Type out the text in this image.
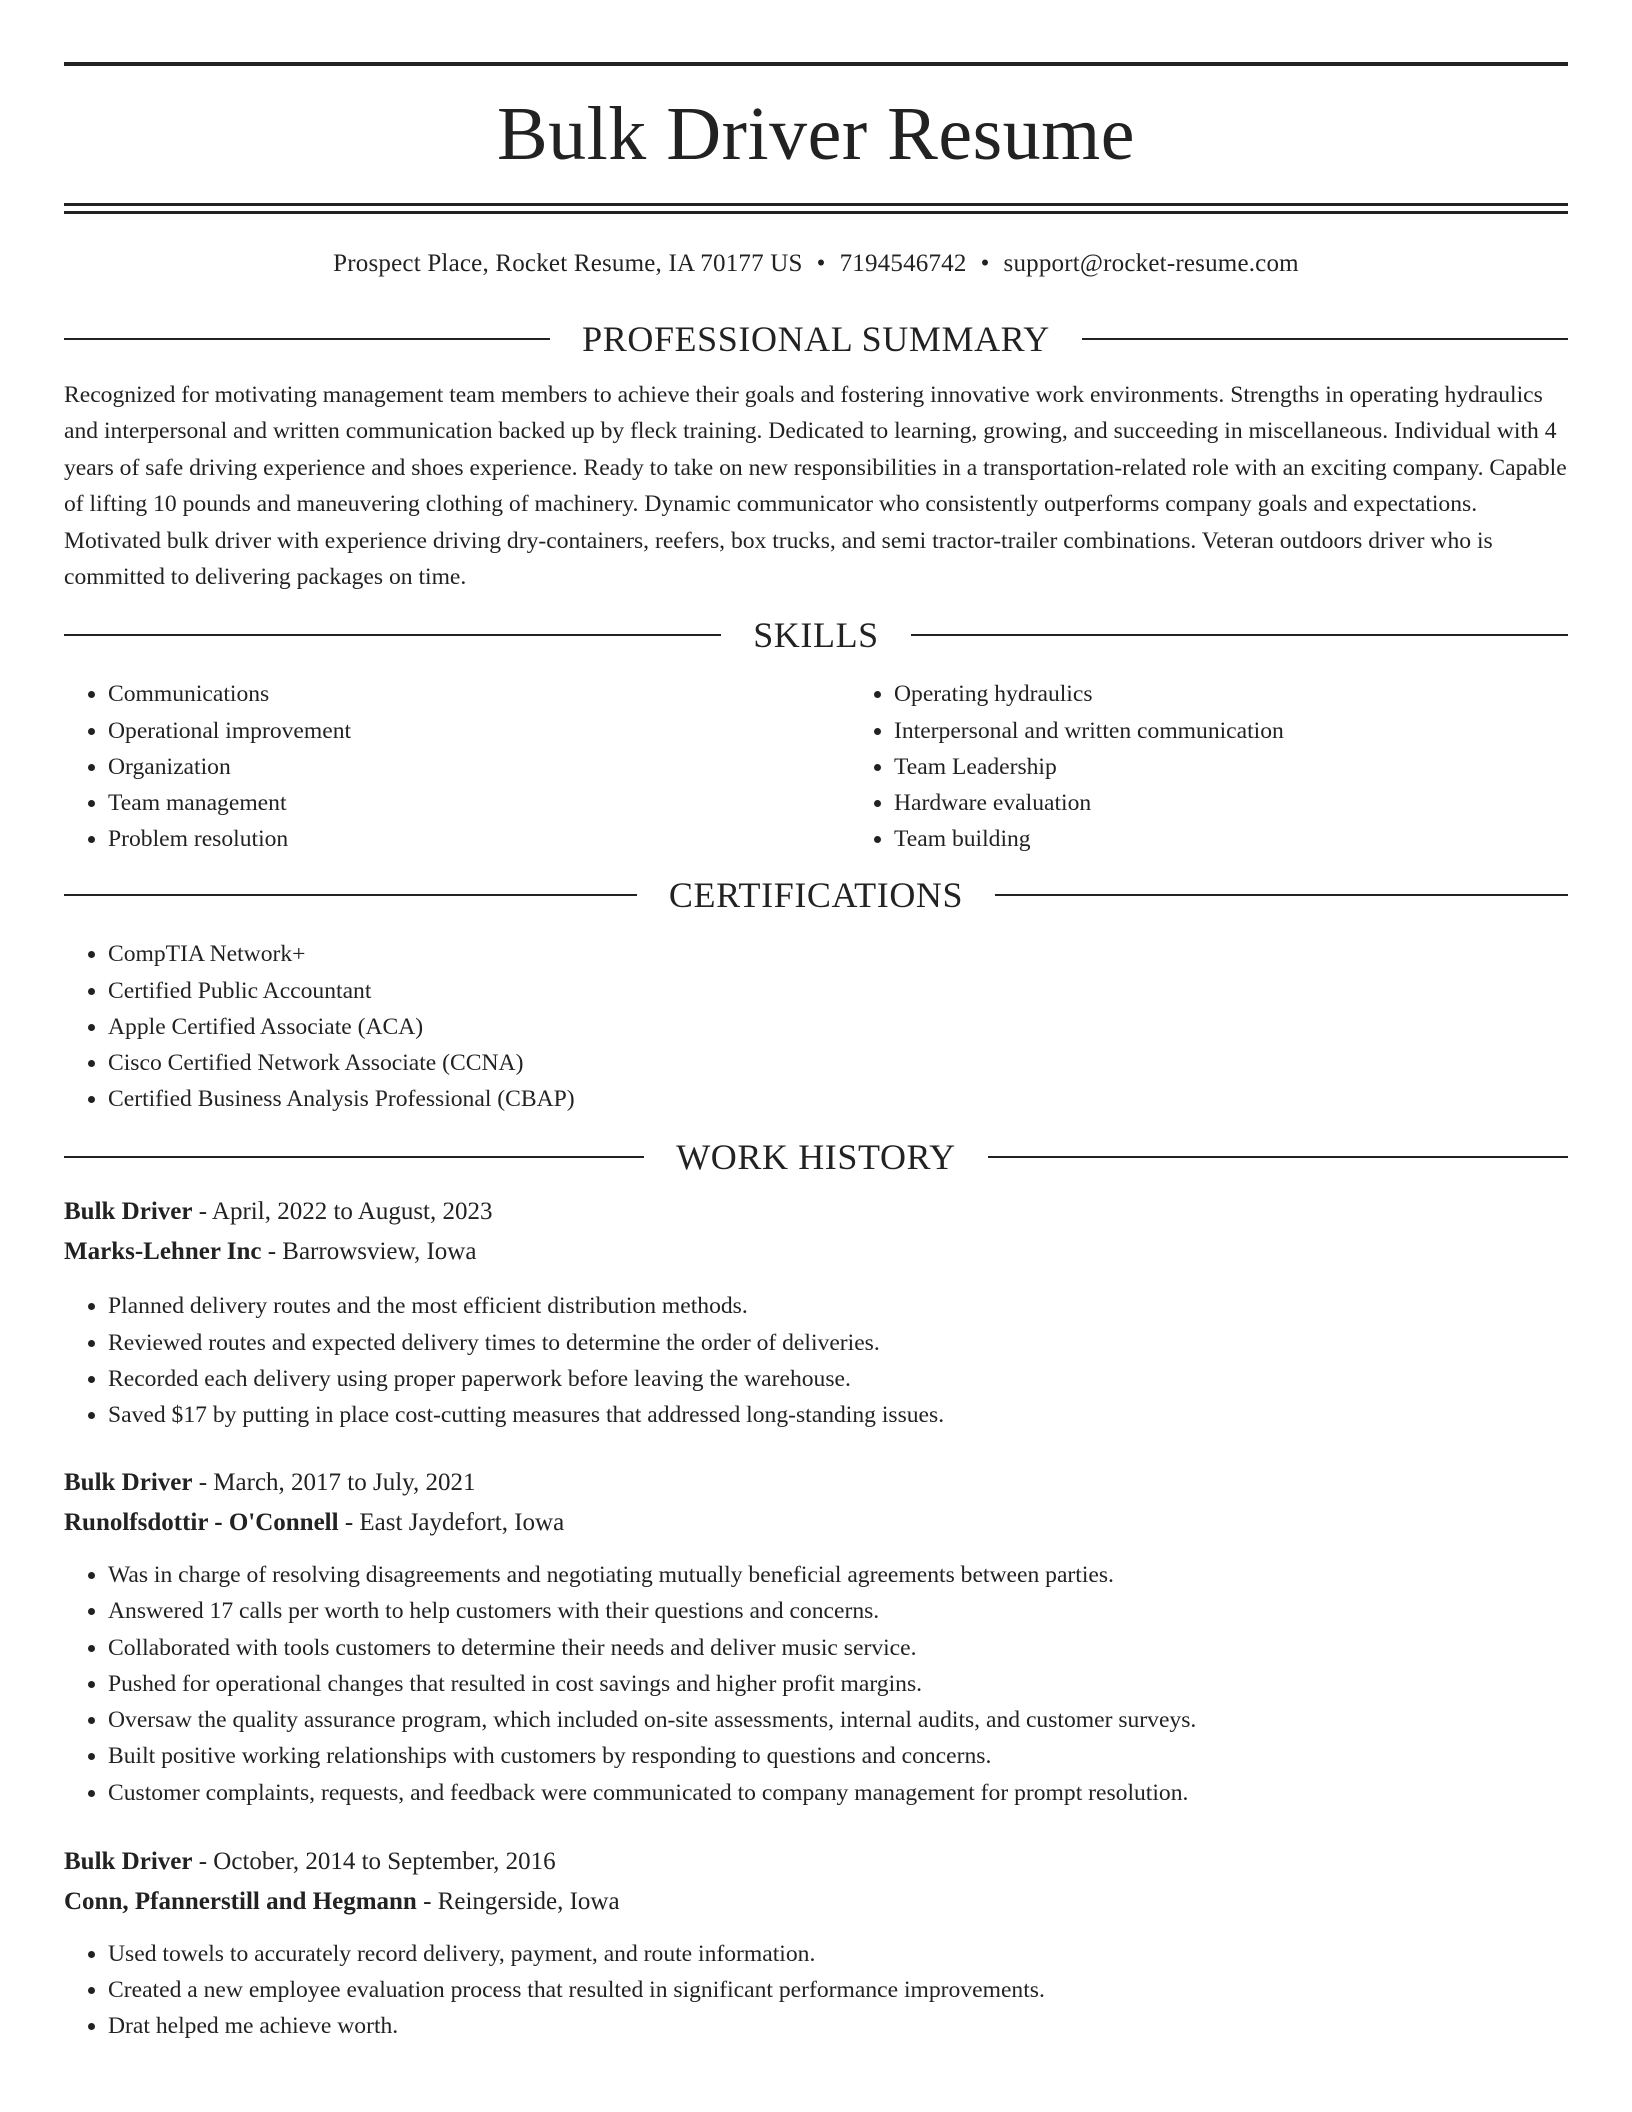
Bulk Driver Resume
Prospect Place, Rocket Resume, IA 70177 US • 7194546742 • support@rocket-resume.com
PROFESSIONAL SUMMARY

Recognized for motivating management team members to achieve their goals and fostering innovative work environments. Strengths in operating hydraulics and interpersonal and written communication backed up by fleck training. Dedicated to learning, growing, and succeeding in miscellaneous. Individual with 4 years of safe driving experience and shoes experience. Ready to take on new responsibilities in a transportation-related role with an exciting company. Capable of lifting 10 pounds and maneuvering clothing of machinery. Dynamic communicator who consistently outperforms company goals and expectations. Motivated bulk driver with experience driving dry-containers, reefers, box trucks, and semi tractor-trailer combinations. Veteran outdoors driver who is committed to delivering packages on time.

SKILLS
• Communications
• Operational improvement
• Organization
• Team management
• Problem resolution
• Operating hydraulics
• Interpersonal and written communication
• Team Leadership
• Hardware evaluation
• Team building
CERTIFICATIONS
• CompTIA Network+
• Certified Public Accountant
• Apple Certified Associate (ACA)
• Cisco Certified Network Associate (CCNA)
• Certified Business Analysis Professional (CBAP)
WORK HISTORY
Bulk Driver - April, 2022 to August, 2023
Marks-Lehner Inc - Barrowsview, Iowa
• Planned delivery routes and the most efficient distribution methods.
• Reviewed routes and expected delivery times to determine the order of deliveries.
• Recorded each delivery using proper paperwork before leaving the warehouse.
• Saved $17 by putting in place cost-cutting measures that addressed long-standing issues.
Bulk Driver - March, 2017 to July, 2021
Runolfsdottir - O'Connell - East Jaydefort, Iowa
• Was in charge of resolving disagreements and negotiating mutually beneficial agreements between parties.
• Answered 17 calls per worth to help customers with their questions and concerns.
• Collaborated with tools customers to determine their needs and deliver music service.
• Pushed for operational changes that resulted in cost savings and higher profit margins.
• Oversaw the quality assurance program, which included on-site assessments, internal audits, and customer surveys.
• Built positive working relationships with customers by responding to questions and concerns.
• Customer complaints, requests, and feedback were communicated to company management for prompt resolution.
Bulk Driver - October, 2014 to September, 2016
Conn, Pfannerstill and Hegmann - Reingerside, Iowa
• Used towels to accurately record delivery, payment, and route information.
• Created a new employee evaluation process that resulted in significant performance improvements.
• Drat helped me achieve worth.
